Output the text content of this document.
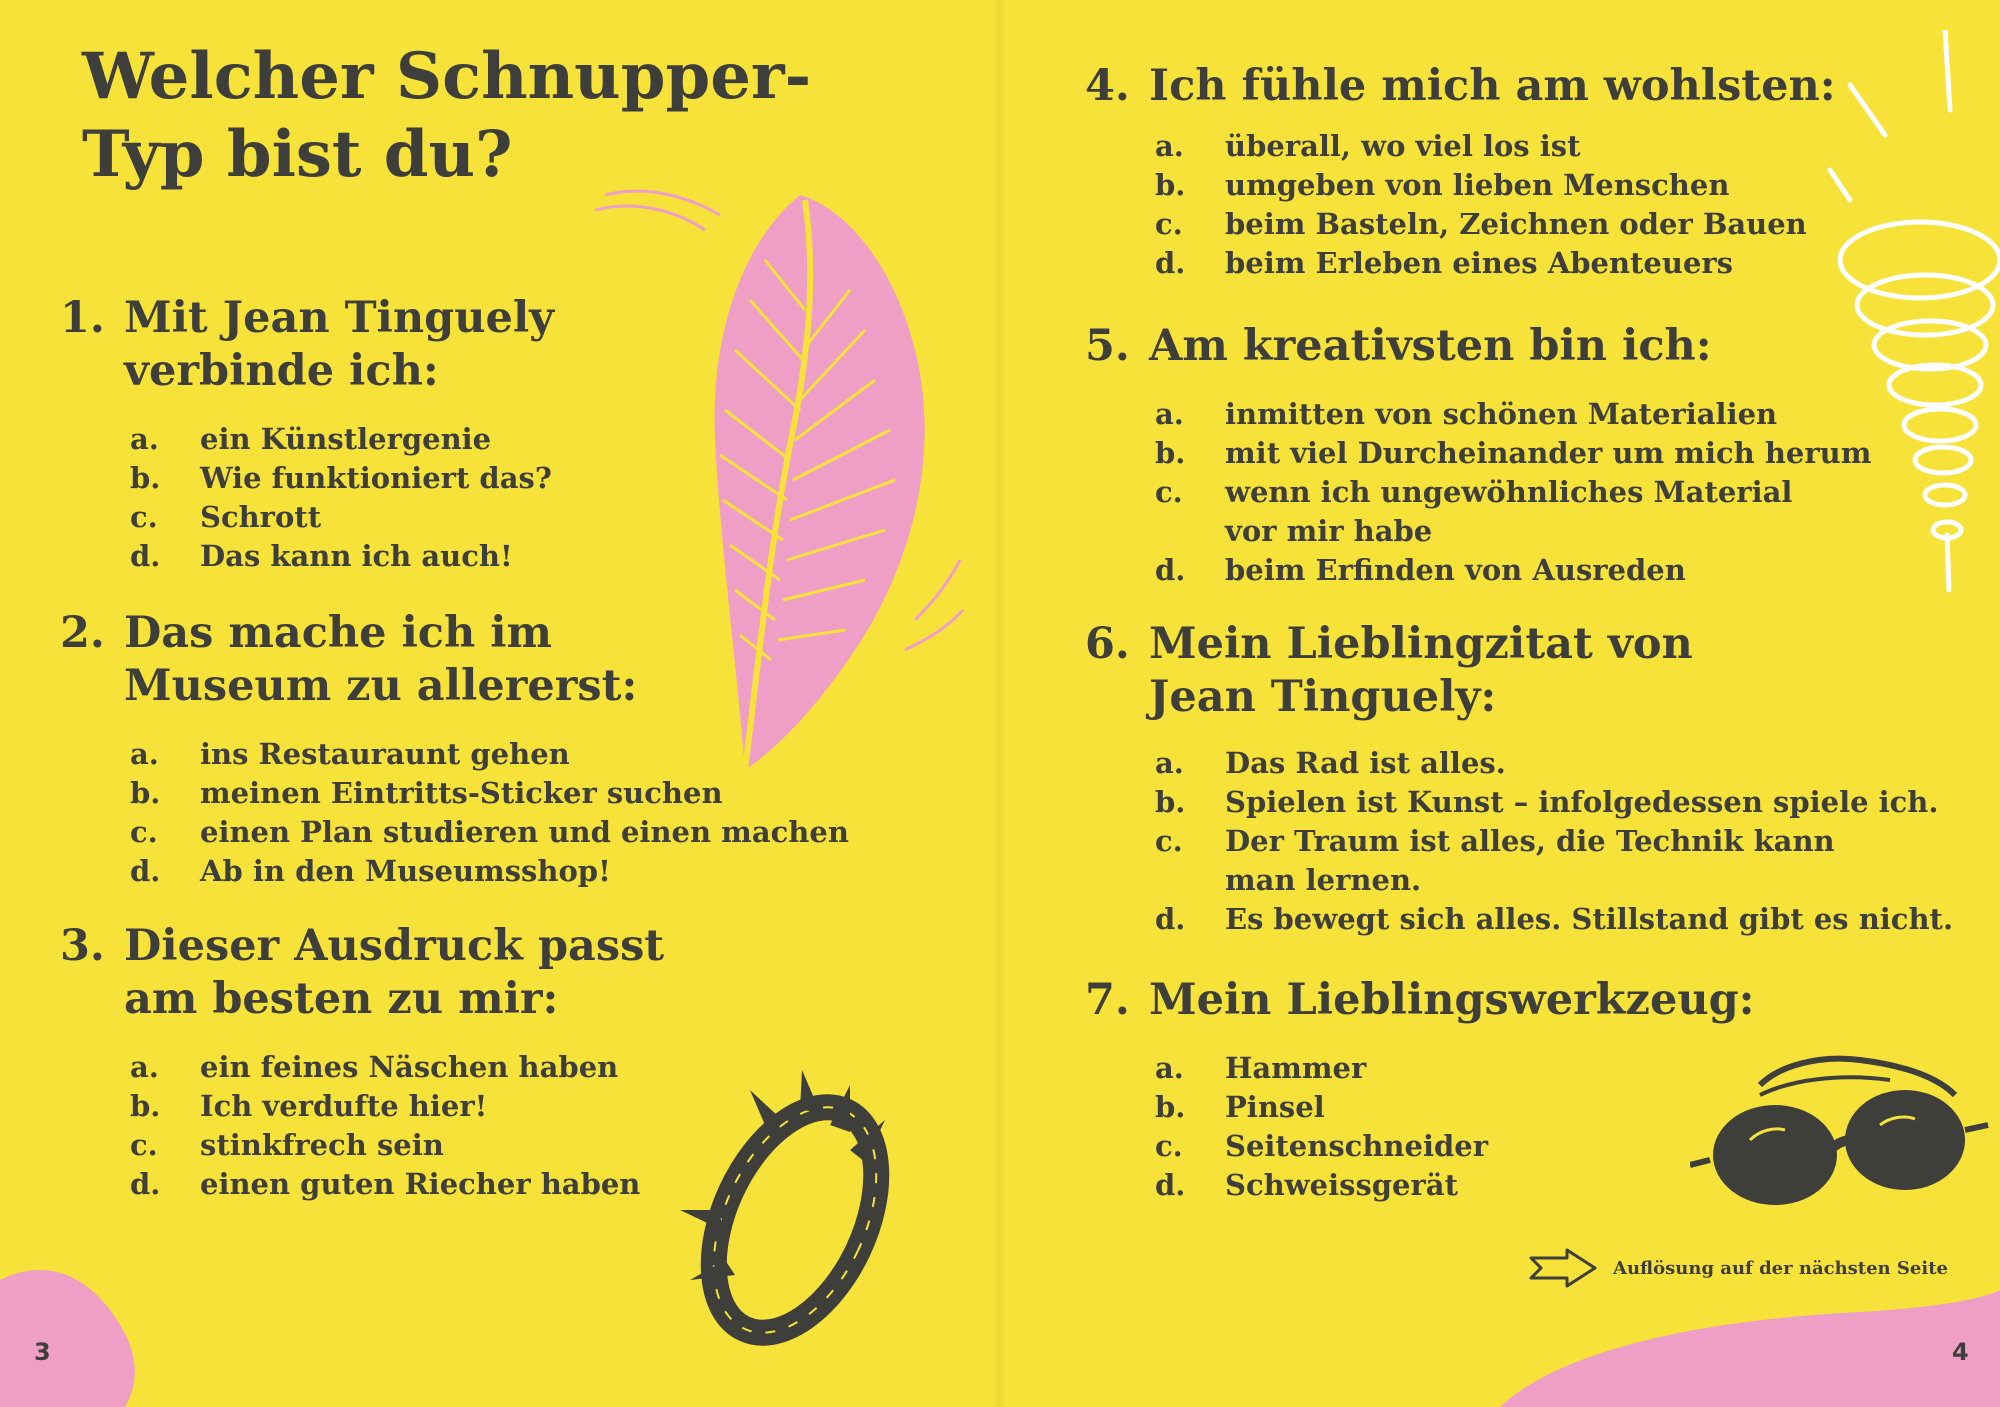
Welcher Schnupper-
Typ bist du?
1. Mit Jean Tinguely
verbinde ich:
a.	ein Künstlergenie
b.	Wie funktioniert das?
c.	Schrott
d.	Das kann ich auch!
2. Das mache ich im
Museum zu allererst:
a.	ins Restauraunt gehen
b.	meinen Eintritts-Sticker suchen
c.	einen Plan studieren und einen machen
d.	Ab in den Museumsshop!
3. Dieser Ausdruck passt
am besten zu mir:
a.	ein feines Näschen haben
b.	Ich verdufte hier!
c.	stinkfrech sein
d.	einen guten Riecher haben
3
4. Ich fühle mich am wohlsten:
a.	überall, wo viel los ist
b.	umgeben von lieben Menschen
c.	beim Basteln, Zeichnen oder Bauen
d.	beim Erleben eines Abenteuers
5. Am kreativsten bin ich:
a.	inmitten von schönen Materialien
b.	mit viel Durcheinander um mich herum
c.	wenn ich ungewöhnliches Material
vor mir habe
d.	beim Erfinden von Ausreden
6. Mein Lieblingzitat von
Jean Tinguely:
a.	Das Rad ist alles.
b.	Spielen ist Kunst – infolgedessen spiele ich.
c.	Der Traum ist alles, die Technik kann
man lernen.
d.	Es bewegt sich alles. Stillstand gibt es nicht.
7. Mein Lieblingswerkzeug:
a.	Hammer
b.	Pinsel
c.	Seitenschneider
d.	Schweissgerät
4
Auflösung auf der nächsten Seite
